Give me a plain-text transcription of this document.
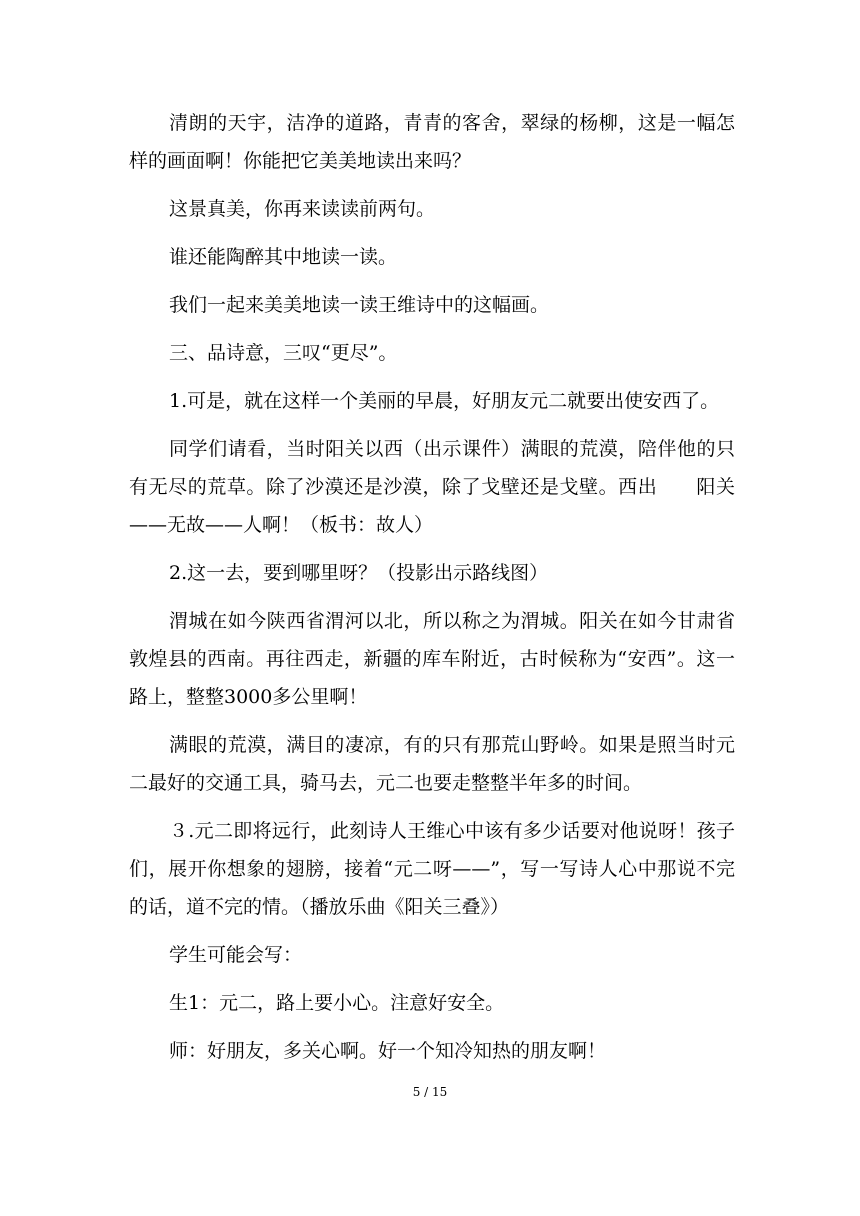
清朗的天宇，洁净的道路，青青的客舍，翠绿的杨柳，这是一幅怎样的画面啊！你能把它美美地读出来吗？

这景真美，你再来读读前两句。

谁还能陶醉其中地读一读。

我们一起来美美地读一读王维诗中的这幅画。

三、品诗意，三叹“更尽”。

1.可是，就在这样一个美丽的早晨，好朋友元二就要出使安西了。

同学们请看，当时阳关以西（出示课件）满眼的荒漠，陪伴他的只有无尽的荒草。除了沙漠还是沙漠，除了戈壁还是戈壁。西出　　阳关——无故——人啊！（板书：故人）

2.这一去，要到哪里呀？（投影出示路线图）

渭城在如今陕西省渭河以北，所以称之为渭城。阳关在如今甘肃省敦煌县的西南。再往西走，新疆的库车附近，古时候称为“安西”。这一路上，整整3000多公里啊！

满眼的荒漠，满目的凄凉，有的只有那荒山野岭。如果是照当时元二最好的交通工具，骑马去，元二也要走整整半年多的时间。

３.元二即将远行，此刻诗人王维心中该有多少话要对他说呀！孩子们，展开你想象的翅膀，接着“元二呀——”，写一写诗人心中那说不完的话，道不完的情。（播放乐曲《阳关三叠》）

学生可能会写：

生1：元二，路上要小心。注意好安全。

师：好朋友，多关心啊。好一个知冷知热的朋友啊！

5 / 15
